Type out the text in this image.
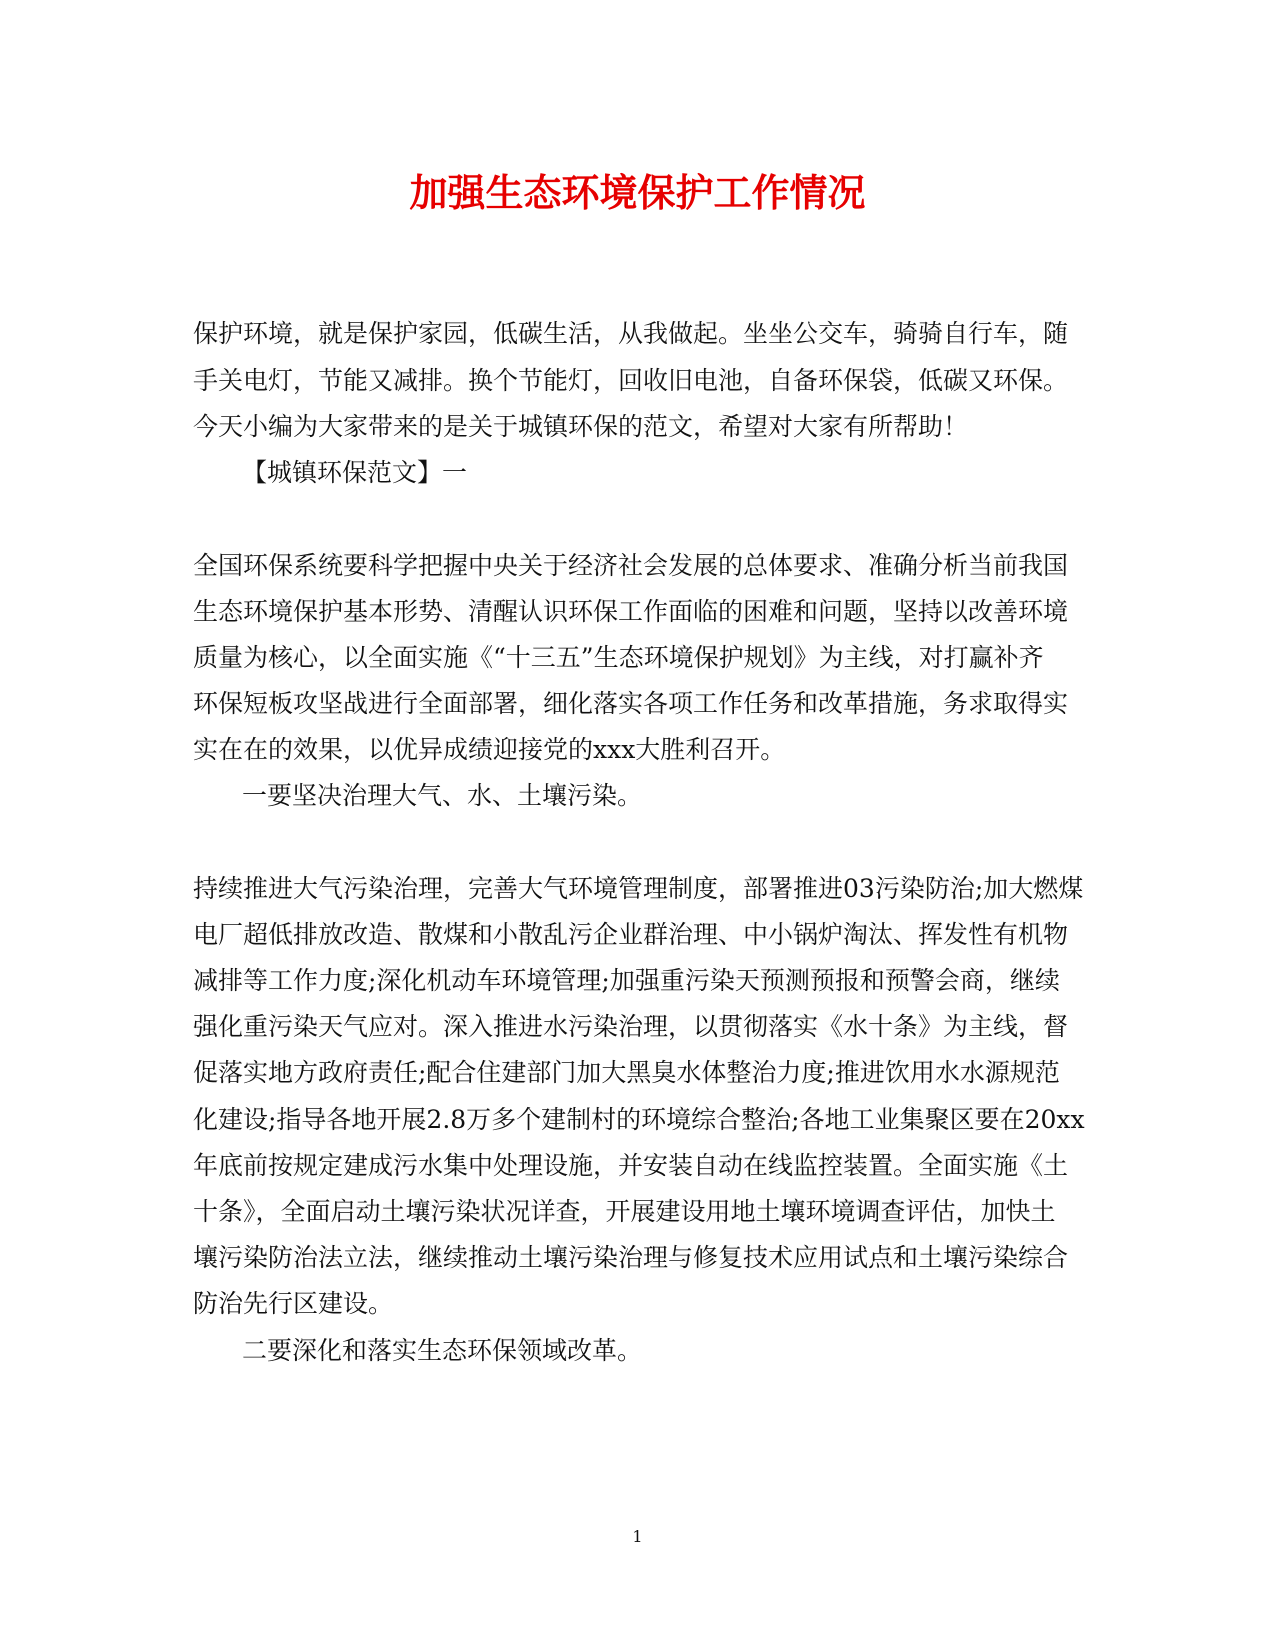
加强生态环境保护工作情况
保护环境，就是保护家园，低碳生活，从我做起。坐坐公交车，骑骑自行车，随
手关电灯，节能又减排。换个节能灯，回收旧电池，自备环保袋，低碳又环保。
今天小编为大家带来的是关于城镇环保的范文，希望对大家有所帮助！
【城镇环保范文】一
全国环保系统要科学把握中央关于经济社会发展的总体要求、准确分析当前我国
生态环境保护基本形势、清醒认识环保工作面临的困难和问题，坚持以改善环境
质量为核心，以全面实施《“十三五”生态环境保护规划》为主线，对打赢补齐
环保短板攻坚战进行全面部署，细化落实各项工作任务和改革措施，务求取得实
实在在的效果，以优异成绩迎接党的xxx大胜利召开。
一要坚决治理大气、水、土壤污染。
持续推进大气污染治理，完善大气环境管理制度，部署推进03污染防治;加大燃煤
电厂超低排放改造、散煤和小散乱污企业群治理、中小锅炉淘汰、挥发性有机物
减排等工作力度;深化机动车环境管理;加强重污染天预测预报和预警会商，继续
强化重污染天气应对。深入推进水污染治理，以贯彻落实《水十条》为主线，督
促落实地方政府责任;配合住建部门加大黑臭水体整治力度;推进饮用水水源规范
化建设;指导各地开展2.8万多个建制村的环境综合整治;各地工业集聚区要在20xx
年底前按规定建成污水集中处理设施，并安装自动在线监控装置。全面实施《土
十条》，全面启动土壤污染状况详查，开展建设用地土壤环境调查评估，加快土
壤污染防治法立法，继续推动土壤污染治理与修复技术应用试点和土壤污染综合
防治先行区建设。
二要深化和落实生态环保领域改革。
1
